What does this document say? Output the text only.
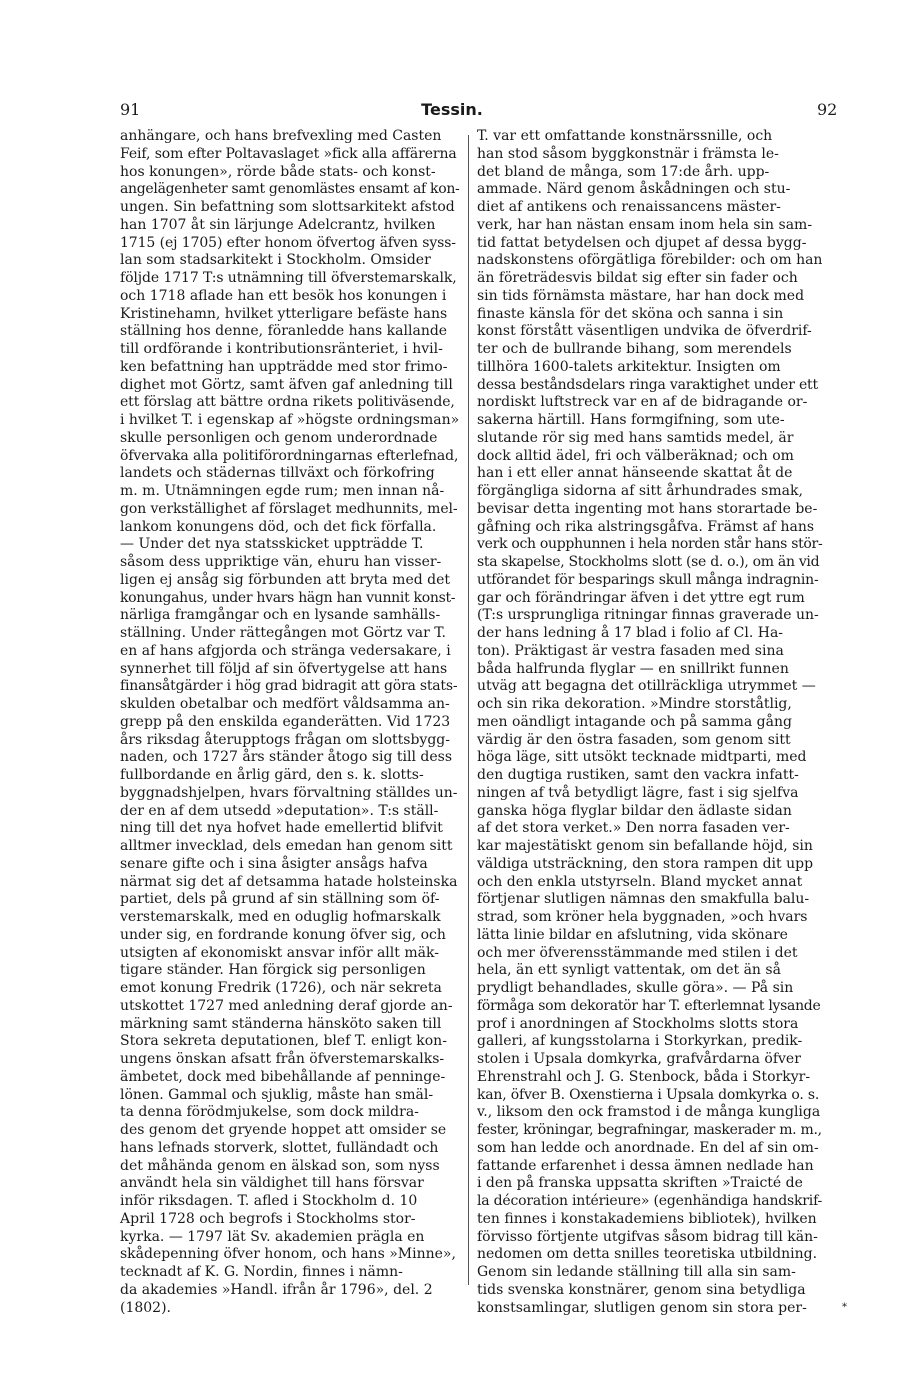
91	Tessin.	92
anhängare, och hans brefvexling med Casten
Feif, som efter Poltavaslaget »fick alla affärerna
hos konungen», rörde både stats- och konst-
angelägenheter samt genomlästes ensamt af kon-
ungen. Sin befattning som slottsarkitekt afstod
han 1707 åt sin lärjunge Adelcrantz, hvilken
1715 (ej 1705) efter honom öfvertog äfven syss-
lan som stadsarkitekt i Stockholm. Omsider
följde 1717 T:s utnämning till öfverstemarskalk,
och 1718 aflade han ett besök hos konungen i
Kristinehamn, hvilket ytterligare befäste hans
ställning hos denne, föranledde hans kallande
till ordförande i kontributionsränteriet, i hvil-
ken befattning han uppträdde med stor frimo-
dighet mot Görtz, samt äfven gaf anledning till
ett förslag att bättre ordna rikets politiväsende,
i hvilket T. i egenskap af »högste ordningsman»
skulle personligen och genom underordnade
öfvervaka alla politiförordningarnas efterlefnad,
landets och städernas tillväxt och förkofring
m. m. Utnämningen egde rum; men innan nå-
gon verkställighet af förslaget medhunnits, mel-
lankom konungens död, och det fick förfalla.
— Under det nya statsskicket uppträdde T.
såsom dess uppriktige vän, ehuru han visser-
ligen ej ansåg sig förbunden att bryta med det
konungahus, under hvars hägn han vunnit konst-
närliga framgångar och en lysande samhälls-
ställning. Under rättegången mot Görtz var T.
en af hans afgjorda och stränga vedersakare, i
synnerhet till följd af sin öfvertygelse att hans
finansåtgärder i hög grad bidragit att göra stats-
skulden obetalbar och medfört våldsamma an-
grepp på den enskilda eganderätten. Vid 1723
års riksdag återupptogs frågan om slottsbygg-
naden, och 1727 års ständer åtogo sig till dess
fullbordande en årlig gärd, den s. k. slotts-
byggnadshjelpen, hvars förvaltning ställdes un-
der en af dem utsedd »deputation». T:s ställ-
ning till det nya hofvet hade emellertid blifvit
alltmer invecklad, dels emedan han genom sitt
senare gifte och i sina åsigter ansågs hafva
närmat sig det af detsamma hatade holsteinska
partiet, dels på grund af sin ställning som öf-
verstemarskalk, med en oduglig hofmarskalk
under sig, en fordrande konung öfver sig, och
utsigten af ekonomiskt ansvar inför allt mäk-
tigare ständer. Han förgick sig personligen
emot konung Fredrik (1726), och när sekreta
utskottet 1727 med anledning deraf gjorde an-
märkning samt ständerna hänsköto saken till
Stora sekreta deputationen, blef T. enligt kon-
ungens önskan afsatt från öfverstemarskalks-
ämbetet, dock med bibehållande af penninge-
lönen. Gammal och sjuklig, måste han smäl-
ta denna förödmjukelse, som dock mildra-
des genom det gryende hoppet att omsider se
hans lefnads storverk, slottet, fulländadt och
det måhända genom en älskad son, som nyss
användt hela sin väldighet till hans försvar
inför riksdagen. T. afled i Stockholm d. 10
April 1728 och begrofs i Stockholms stor-
kyrka. — 1797 lät Sv. akademien prägla en
skådepenning öfver honom, och hans »Minne»,
tecknadt af K. G. Nordin, finnes i nämn-
da akademies »Handl. ifrån år 1796», del. 2
(1802).
T. var ett omfattande konstnärssnille, och
han stod såsom byggkonstnär i främsta le-
det bland de många, som 17:de årh. upp-
ammade. Närd genom åskådningen och stu-
diet af antikens och renaissancens mäster-
verk, har han nästan ensam inom hela sin sam-
tid fattat betydelsen och djupet af dessa bygg-
nadskonstens oförgätliga förebilder: och om han
än företrädesvis bildat sig efter sin fader och
sin tids förnämsta mästare, har han dock med
finaste känsla för det sköna och sanna i sin
konst förstått väsentligen undvika de öfverdrif-
ter och de bullrande bihang, som merendels
tillhöra 1600-talets arkitektur. Insigten om
dessa beståndsdelars ringa varaktighet under ett
nordiskt luftstreck var en af de bidragande or-
sakerna härtill. Hans formgifning, som ute-
slutande rör sig med hans samtids medel, är
dock alltid ädel, fri och välberäknad; och om
han i ett eller annat hänseende skattat åt de
förgängliga sidorna af sitt århundrades smak,
bevisar detta ingenting mot hans storartade be-
gåfning och rika alstringsgåfva. Främst af hans
verk och oupphunnen i hela norden står hans stör-
sta skapelse, Stockholms slott (se d. o.), om än vid
utförandet för besparings skull många indragnin-
gar och förändringar äfven i det yttre egt rum
(T:s ursprungliga ritningar finnas graverade un-
der hans ledning å 17 blad i folio af Cl. Ha-
ton). Präktigast är vestra fasaden med sina
båda halfrunda flyglar — en snillrikt funnen
utväg att begagna det otillräckliga utrymmet —
och sin rika dekoration. »Mindre storståtlig,
men oändligt intagande och på samma gång
värdig är den östra fasaden, som genom sitt
höga läge, sitt utsökt tecknade midtparti, med
den dugtiga rustiken, samt den vackra infatt-
ningen af två betydligt lägre, fast i sig sjelfva
ganska höga flyglar bildar den ädlaste sidan
af det stora verket.» Den norra fasaden ver-
kar majestätiskt genom sin befallande höjd, sin
väldiga utsträckning, den stora rampen dit upp
och den enkla utstyrseln. Bland mycket annat
förtjenar slutligen nämnas den smakfulla balu-
strad, som kröner hela byggnaden, »och hvars
lätta linie bildar en afslutning, vida skönare
och mer öfverensstämmande med stilen i det
hela, än ett synligt vattentak, om det än så
prydligt behandlades, skulle göra». — På sin
förmåga som dekoratör har T. efterlemnat lysande
prof i anordningen af Stockholms slotts stora
galleri, af kungsstolarna i Storkyrkan, predik-
stolen i Upsala domkyrka, grafvårdarna öfver
Ehrenstrahl och J. G. Stenbock, båda i Storkyr-
kan, öfver B. Oxenstierna i Upsala domkyrka o. s.
v., liksom den ock framstod i de många kungliga
fester, kröningar, begrafningar, maskerader m. m.,
som han ledde och anordnade. En del af sin om-
fattande erfarenhet i dessa ämnen nedlade han
i den på franska uppsatta skriften »Traicté de
la décoration intérieure» (egenhändiga handskrif-
ten finnes i konstakademiens bibliotek), hvilken
förvisso förtjente utgifvas såsom bidrag till kän-
nedomen om detta snilles teoretiska utbildning.
Genom sin ledande ställning till alla sin sam-
tids svenska konstnärer, genom sina betydliga
konstsamlingar, slutligen genom sin stora per-	*
